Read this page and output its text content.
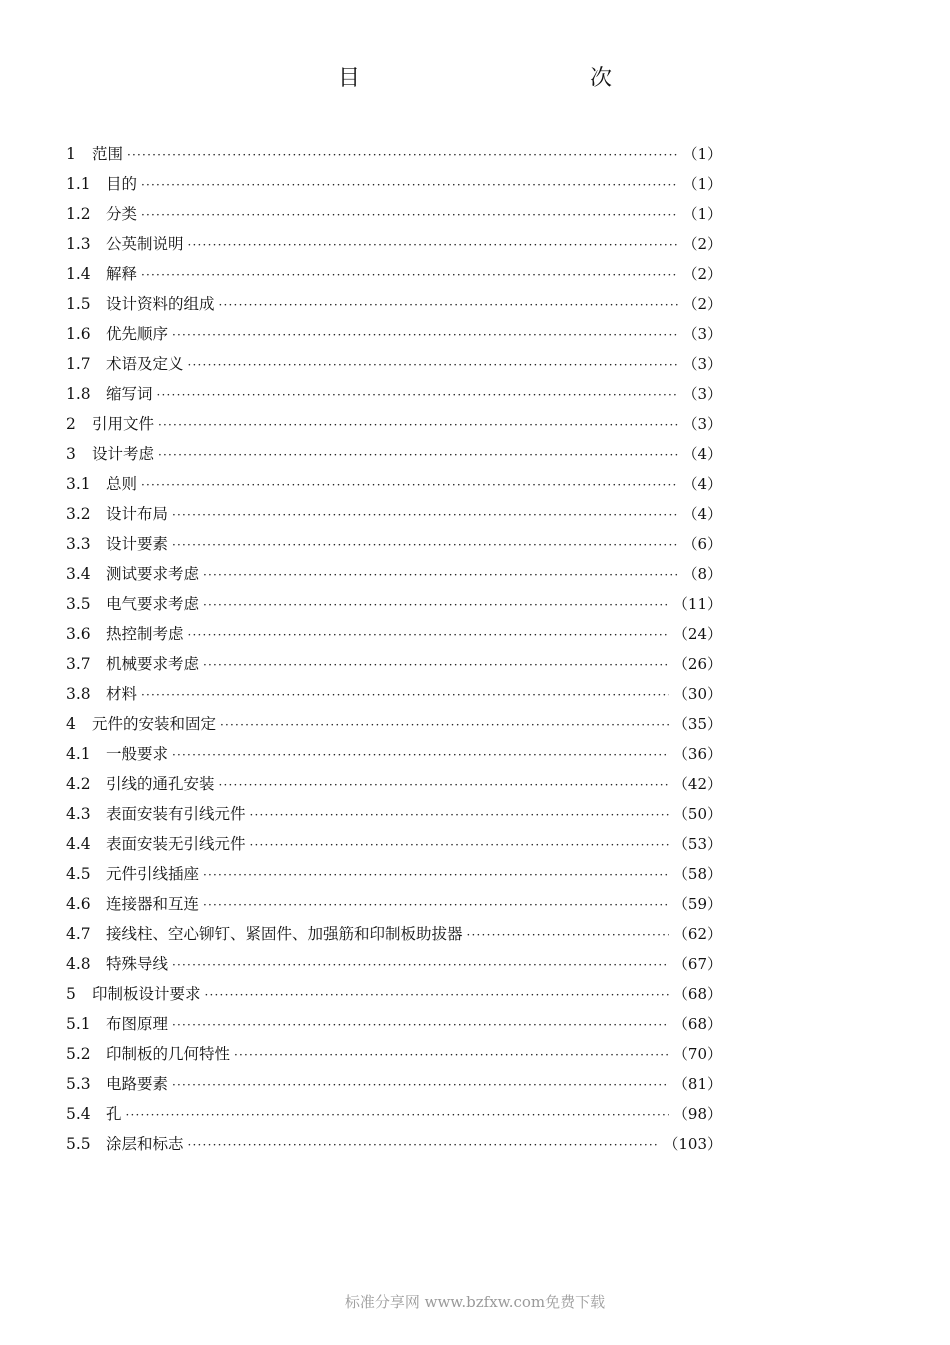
目　　次
1	范围 ·····	（1）
1.1 目的 ·····	（1）
1.2 分类 ·····	（1）
1.3 公英制说明 ·····	（2）
1.4 解释 ·····	（2）
1.5 设计资料的组成 ·····	（2）
1.6 优先顺序 ·····	（3）
1.7 术语及定义 ·····	（3）
1.8 缩写词 ·····	（3）
2	引用文件 ·····	（3）
3	设计考虑 ·····	（4）
3.1 总则 ·····	（4）
3.2 设计布局 ·····	（4）
3.3 设计要素 ·····	（6）
3.4 测试要求考虑 ·····	（8）
3.5 电气要求考虑 ·····	（11）
3.6 热控制考虑 ·····	（24）
3.7 机械要求考虑 ·····	（26）
3.8 材料 ·····	（30）
4	元件的安装和固定 ·····	（35）
4.1 一般要求 ·····	（36）
4.2 引线的通孔安装 ·····	（42）
4.3 表面安装有引线元件 ·····	（50）
4.4 表面安装无引线元件 ·····	（53）
4.5 元件引线插座 ·····	（58）
4.6 连接器和互连 ·····	（59）
4.7 接线柱、空心铆钉、紧固件、加强筋和印制板助拔器 ·····	（62）
4.8 特殊导线 ·····	（67）
5	印制板设计要求 ·····	（68）
5.1 布图原理 ·····	（68）
5.2 印制板的几何特性 ·····	（70）
5.3 电路要素 ·····	（81）
5.4 孔 ·····	（98）
5.5 涂层和标志 ·····	（103）
标准分享网 www.bzfxw.com免费下载
